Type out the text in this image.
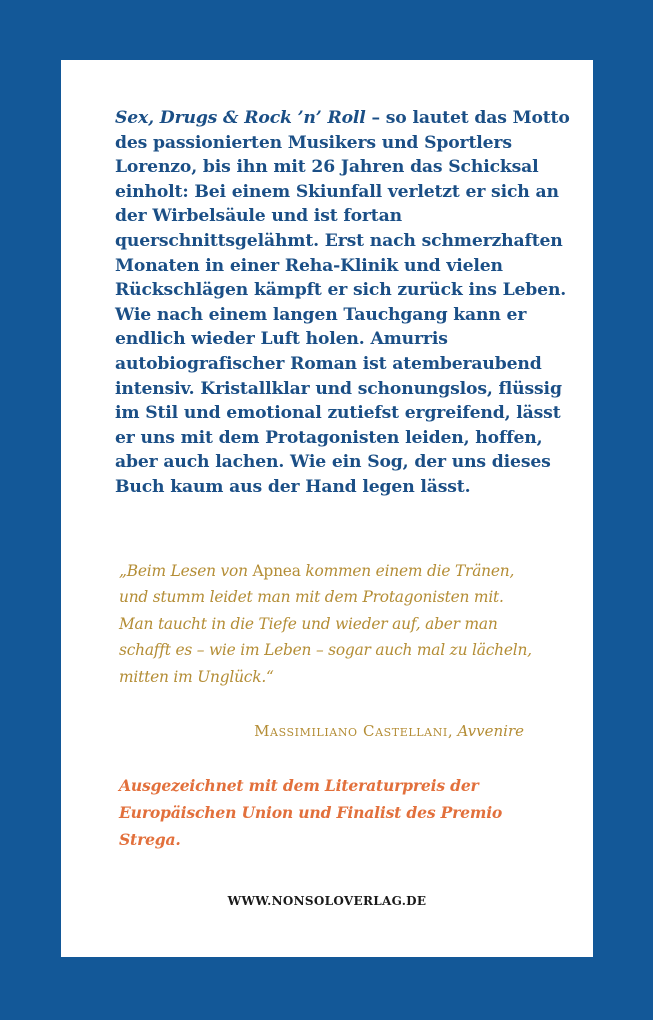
Sex, Drugs & Rock ’n’ Roll – so lautet das Motto des passionierten Musikers und Sportlers Lorenzo, bis ihn mit 26 Jahren das Schicksal einholt: Bei einem Skiunfall verletzt er sich an der Wirbelsäule und ist fortan querschnittsgelähmt. Erst nach schmerzhaften Monaten in einer Reha-Klinik und vielen Rückschlägen kämpft er sich zurück ins Leben. Wie nach einem langen Tauchgang kann er endlich wieder Luft holen. Amurris autobiografischer Roman ist atemberaubend intensiv. Kristallklar und schonungslos, flüssig im Stil und emotional zutiefst ergreifend, lässt er uns mit dem Protagonisten leiden, hoffen, aber auch lachen. Wie ein Sog, der uns dieses Buch kaum aus der Hand legen lässt.

„Beim Lesen von Apnea kommen einem die Tränen, und stumm leidet man mit dem Protagonisten mit. Man taucht in die Tiefe und wieder auf, aber man schafft es – wie im Leben – sogar auch mal zu lächeln, mitten im Unglück.“

Massimiliano Castellani, Avvenire

Ausgezeichnet mit dem Literaturpreis der Europäischen Union und Finalist des Premio Strega.

WWW.NONSOLOVERLAG.DE
